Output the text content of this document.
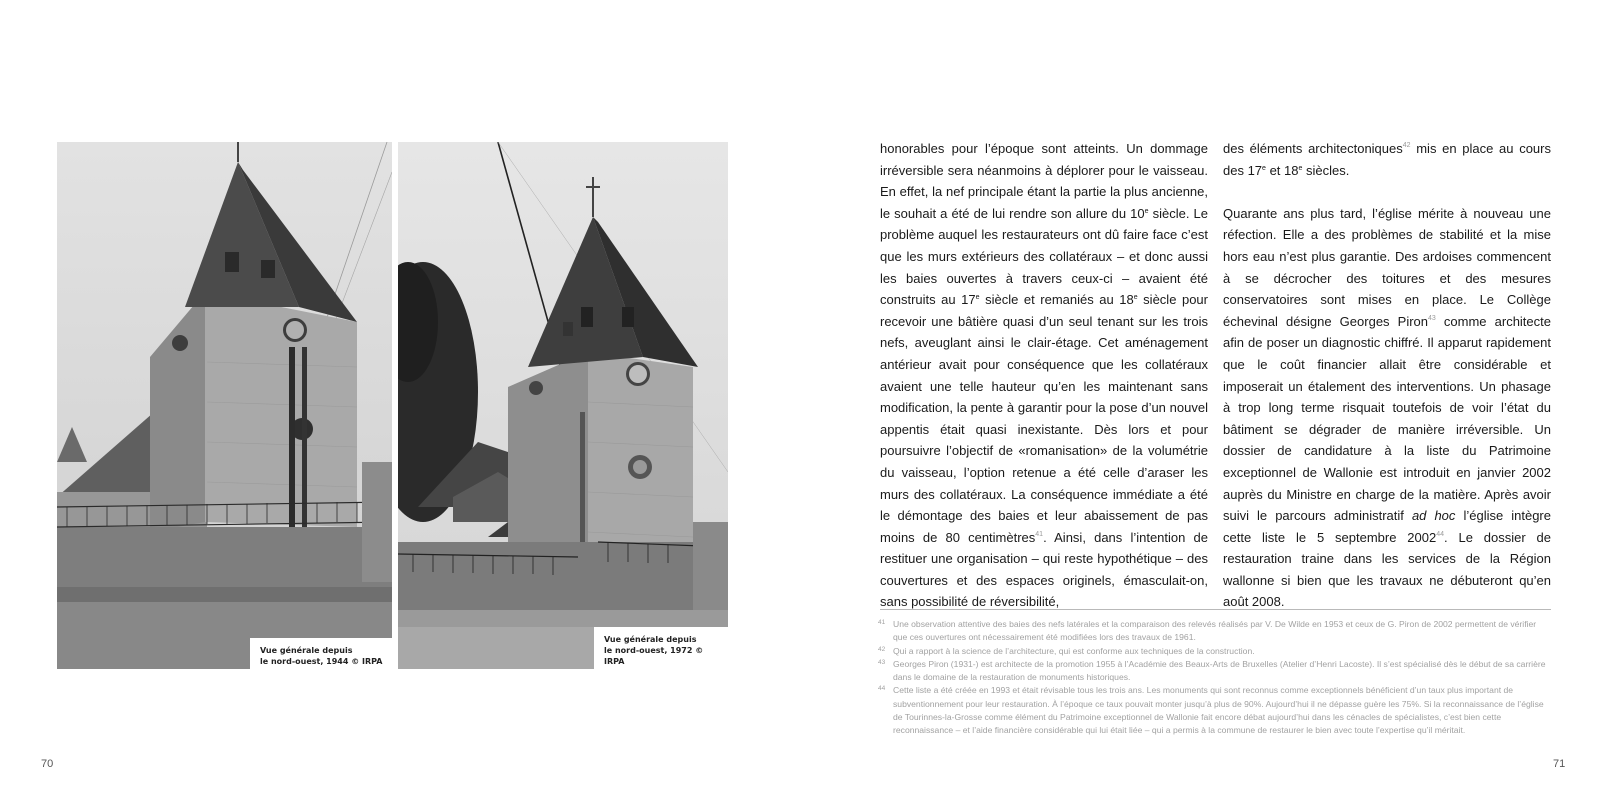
Vue générale depuis
le nord-ouest, 1944 © IRPA
Vue générale depuis
le nord-ouest, 1972 © IRPA

honorables pour l’époque sont atteints. Un dommage irréversible sera néanmoins à déplorer pour le vaisseau. En effet, la nef principale étant la partie la plus ancienne, le souhait a été de lui rendre son allure du 10e siècle. Le problème auquel les restaurateurs ont dû faire face c’est que les murs extérieurs des collatéraux – et donc aussi les baies ouvertes à travers ceux-ci – avaient été construits au 17e siècle et remaniés au 18e siècle pour recevoir une bâtière quasi d’un seul tenant sur les trois nefs, aveuglant ainsi le clair-étage. Cet aménagement antérieur avait pour conséquence que les collatéraux avaient une telle hauteur qu’en les maintenant sans modification, la pente à garantir pour la pose d’un nouvel appentis était quasi inexistante. Dès lors et pour poursuivre l’objectif de «romanisation» de la volumétrie du vaisseau, l’option retenue a été celle d’araser les murs des collatéraux. La conséquence immédiate a été le démontage des baies et leur abaissement de pas moins de 80 centimètres$^{41}$. Ainsi, dans l’intention de restituer une organisation – qui reste hypothétique – des couvertures et des espaces originels, émasculait-on, sans possibilité de réversibilité,

des éléments architectoniques$^{42}$ mis en place au cours des 17e et 18e siècles.

Quarante ans plus tard, l’église mérite à nouveau une réfection. Elle a des problèmes de stabilité et la mise hors eau n’est plus garantie. Des ardoises commencent à se décrocher des toitures et des mesures conservatoires sont mises en place. Le Collège échevinal désigne Georges Piron$^{43}$ comme architecte afin de poser un diagnostic chiffré. Il apparut rapidement que le coût financier allait être considérable et imposerait un étalement des interventions. Un phasage à trop long terme risquait toutefois de voir l’état du bâtiment se dégrader de manière irréversible. Un dossier de candidature à la liste du Patrimoine exceptionnel de Wallonie est introduit en janvier 2002 auprès du Ministre en charge de la matière. Après avoir suivi le parcours administratif ad hoc l’église intègre cette liste le 5 septembre 2002$^{44}$. Le dossier de restauration traine dans les services de la Région wallonne si bien que les travaux ne débuteront qu’en août 2008.

41 Une observation attentive des baies des nefs latérales et la comparaison des relevés réalisés par V. De Wilde en 1953 et ceux de G. Piron de 2002 permettent de vérifier que ces ouvertures ont nécessairement été modifiées lors des travaux de 1961.
42 Qui a rapport à la science de l’architecture, qui est conforme aux techniques de la construction.
43 Georges Piron (1931-) est architecte de la promotion 1955 à l’Académie des Beaux-Arts de Bruxelles (Atelier d’Henri Lacoste). Il s’est spécialisé dès le début de sa carrière dans le domaine de la restauration de monuments historiques.
44 Cette liste a été créée en 1993 et était révisable tous les trois ans. Les monuments qui sont reconnus comme exceptionnels bénéficient d’un taux plus important de subventionnement pour leur restauration. À l’époque ce taux pouvait monter jusqu’à plus de 90%. Aujourd’hui il ne dépasse guère les 75%. Si la reconnaissance de l’église de Tourinnes-la-Grosse comme élément du Patrimoine exceptionnel de Wallonie fait encore débat aujourd’hui dans les cénacles de spécialistes, c’est bien cette reconnaissance – et l’aide financière considérable qui lui était liée – qui a permis à la commune de restaurer le bien avec toute l’expertise qu’il méritait.
70	71
